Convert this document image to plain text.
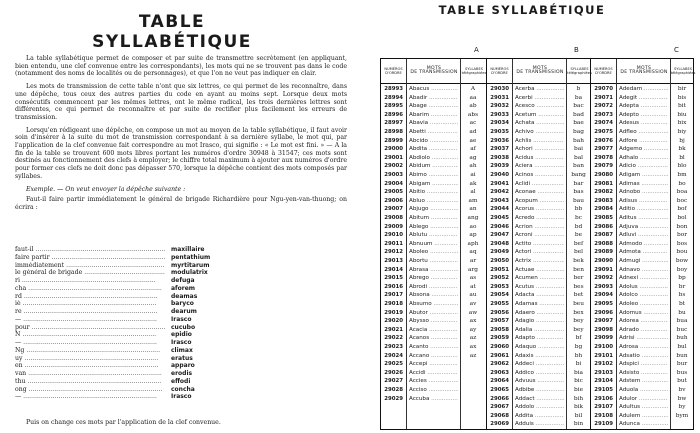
TABLE SYLLABÉTIQUE

La table syllabétique permet de composer et par suite de transmettre secrètement (en appliquant, bien entendu, une clef convenue entre les correspondants), les mots qui ne se trouvent pas dans le code (notamment des noms de localités ou de personnages), et que l'on ne veut pas indiquer en clair.

Les mots de transmission de cette table n'ont que six lettres, ce qui permet de les reconnaître, dans une dépêche, tous ceux des autres parties du code en ayant au moins sept. Lorsque deux mots consécutifs commencent par les mêmes lettres, ont le même radical, les trois dernières lettres sont différentes, ce qui permet de reconnaître et par suite de rectifier plus facilement les erreurs de transmission.

Lorsqu'en rédigeant une dépêche, on compose un mot au moyen de la table syllabétique, il faut avoir soin d'insérer à la suite du mot de transmission correspondant à sa dernière syllabe, le mot qui, par l'application de la clef convenue fait correspondre au mot Irasco, qui signifie : « Le mot est fini. » — A la fin de la table se trouvent 600 mots libres portant les numéros d'ordre 30948 à 31547; ces mots sont destinés au fonctionnement des clefs à employer; le chiffre total maximum à ajouter aux numéros d'ordre pour former ces clefs ne doit donc pas dépasser 570, lorsque la dépêche contient des mots composés par syllabes.

Exemple. — On veut envoyer la dépêche suivante :

Faut-il faire partir immédiatement le général de brigade Richardière pour Ngu-yen-van-thuong; on écrira :

faut-il .....	maxillaire
faire partir .....	pentathium
immédiatement .....	myrtitarum
le général de brigade .....	modulatrix
ri .....	defuga
cha .....	aforem
rd .....	deamas
iè .....	baryco
re .....	dearum
— .....	Irasco
pour .....	cucubo
N .....	epidio
— .....	Irasco
Ng .....	climax
uy .....	eratus
en .....	apparo
van .....	erodis
thu .....	effodi
ong .....	concha
— .....	Irasco
Puis on change ces mots par l'application de la clef convenue.
TABLE SYLLABÉTIQUE
A	B	C
NUMÉROS D'ORDRE
MOTS
DE TRANSMISSION
SYLLABES télégraphiées
28993 Abacus .....	A
28994 Abadir .....	aa
28995 Abage .....	ab
28996 Abarim .....	abs
28997 Abavia .....	ac
28998 Abetti .....	ad
28999 Abcido .....	ae
29000 Abdita .....	af
29001 Abdiolo .....	ag
29002 Abidum .....	ah
29003 Abimo .....	ai
29004 Abigam .....	ak
29005 Abitio .....	al
29006 Abluo .....	am
29007 Abjugo .....	an
29008 Abitum .....	ang
29009 Ablego .....	ao
29010 Ablutu .....	ap
29011 Abnuum .....	aph
29012 Aboleo .....	aq
29013 Abortu .....	ar
29014 Abrasa .....	arg
29015 Abrego .....	as
29016 Abrodi .....	at
29017 Absona .....	au
29018 Absumo .....	av
29019 Abutor .....	aw
29020 Abysso .....	ax
29021 Acacia .....	ay
29022 Acanos .....	az
29023 Acanto .....	ax
29024 Accano .....	az
29025 Accepi .....
29026 Accidi .....
29027 Accies .....
29028 Acciso .....
29029 Accuba .....
NUMÉROS D'ORDRE
MOTS
DE TRANSMISSION
SYLLABES télégraphiées
29030 Acerba .....	b
29031 Acerbi .....	ba
29032 Acesco .....	bac
29033 Acetum .....	bad
29034 Achata .....	bae
29035 Achivo .....	bag
29036 Achlis .....	bah
29037 Achori .....	bai
29038 Acidus .....	bal
29039 Aciera .....	ban
29040 Acinos .....	bang
29041 Aclidi .....	bar
29042 Aconae .....	bas
29043 Acopum .....	bau
29044 Acorus .....	bb
29045 Acredo .....	bc
29046 Acrion .....	bd
29047 Acroni .....	be
29048 Actito .....	bef
29049 Actori .....	bel
29050 Actrix .....	bek
29051 Actuae .....	ben
29052 Acumen .....	ber
29053 Acutus .....	bes
29054 Adacta .....	bet
29055 Adamas .....	beu
29056 Adaero .....	bex
29057 Adagio .....	bey
29058 Adalia .....	bey
29059 Adapto .....	bf
29060 Adaquo .....	bg
29061 Adaxis .....	bh
29062 Addeci .....	bi
29063 Addico .....	bia
29064 Advuus .....	bic
29065 Adbibe .....	bie
29066 Addact .....	bih
29067 Addolo .....	bik
29068 Addita .....	bil
29069 Adduis .....	bin
NUMÉROS D'ORDRE
MOTS
DE TRANSMISSION
SYLLABES télégraphiées
29070 Adedam .....	bir
29071 Adegit .....	bis
29072 Adepta .....	bit
29073 Adepto .....	biu
29074 Adesus .....	bix
29075 Adfleo .....	biy
29076 Adfore .....	bj
29077 Adgemo .....	bk
29078 Adhalo .....	bl
29079 Adicio .....	blo
29080 Adigam .....	bm
29081 Adimas .....	bo
29082 Adnobo .....	boa
29083 Adisus .....	boc
29084 Aditio .....	bof
29085 Aditus .....	bol
29086 Adjuva .....	bon
29087 Adluvi .....	bor
29088 Admodo .....	bos
29089 Admota .....	bou
29090 Admugi .....	bow
29091 Adnavo .....	boy
29092 Adnexi .....	bp
29093 Adolus .....	br
29094 Adolco .....	bs
29095 Adoleo .....	bt
29096 Adomus .....	bu
29097 Adorea .....	bua
29098 Adrado .....	buc
29099 Adrisi .....	buh
29100 Adrosa .....	bul
29101 Adsatio .....	bun
29102 Adspici .....	bur
29103 Adsisto .....	bus
29104 Adstem .....	but
29105 Aduola .....	bv
29106 Adulor .....	bw
29107 Adultus .....	by
29108 Adulem .....	bym
29109 Adunca .....
